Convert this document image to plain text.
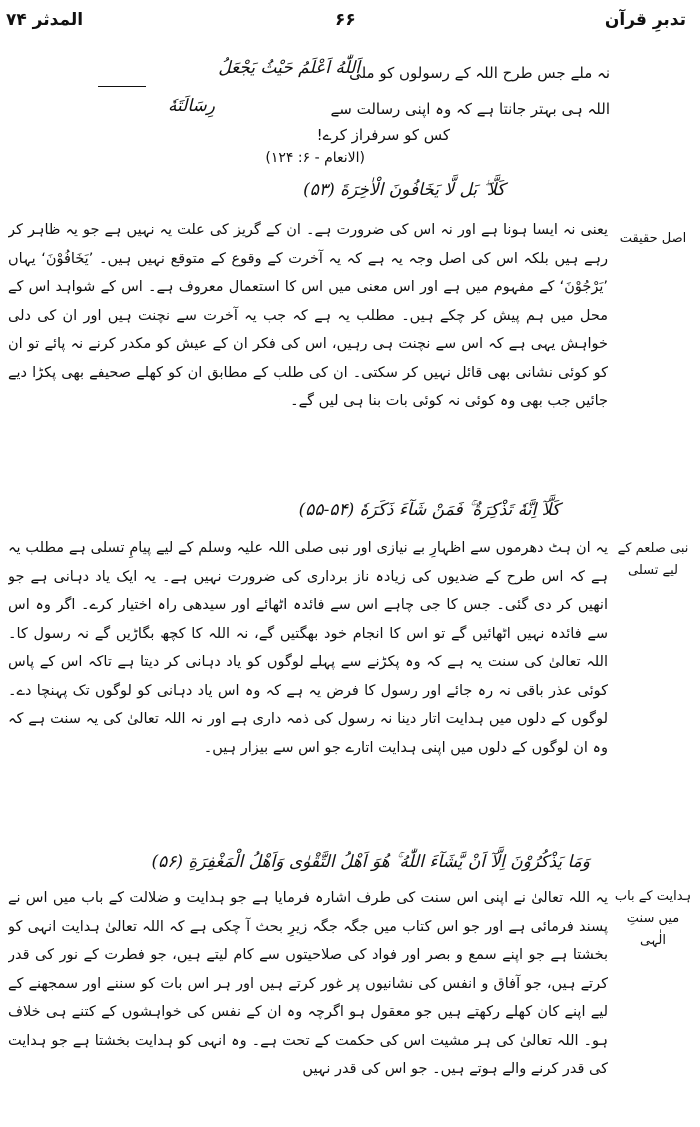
تدبرِ قرآن
۶۶
المدثر ۷۴
اَللّٰهُ اَعْلَمُ حَيْثُ يَجْعَلُ
نہ ملے جس طرح اللہ کے رسولوں کو ملی
رِسَالَتَهٗ	اللہ ہی بہتر جانتا ہے کہ وہ اپنی رسالت سے
کس کو سرفراز کرے!
(الانعام - ۶: ۱۲۴)
كَلَّا ۖ بَل لَّا يَخَافُونَ الْاٰخِرَةَ (۵۳)
اصل حقیقت
یعنی نہ ایسا ہونا ہے اور نہ اس کی ضرورت ہے۔ ان کے گریز کی علت یہ نہیں ہے جو یہ ظاہر کر رہے ہیں بلکہ اس کی اصل وجہ یہ ہے کہ یہ آخرت کے وقوع کے متوقع نہیں ہیں۔ ’یَخَافُوْنَ‘ یہاں ’یَرْجُوْنَ‘ کے مفہوم میں ہے اور اس معنی میں اس کا استعمال معروف ہے۔ اس کے شواہد اس کے محل میں ہم پیش کر چکے ہیں۔ مطلب یہ ہے کہ جب یہ آخرت سے نچنت ہیں اور ان کی دلی خواہش یہی ہے کہ اس سے نچنت ہی رہیں، اس کی فکر ان کے عیش کو مکدر کرنے نہ پائے تو ان کو کوئی نشانی بھی قائل نہیں کر سکتی۔ ان کی طلب کے مطابق ان کو کھلے صحیفے بھی پکڑا دیے جائیں جب بھی وہ کوئی نہ کوئی بات بنا ہی لیں گے۔
كَلَّآ اِنَّهٗ تَذْكِرَةٌ ۚ فَمَنْ شَآءَ ذَكَرَهٗ (۵۴-۵۵)
نبی صلعم کے لیے تسلی
یہ ان ہٹ دھرموں سے اظہارِ بے نیازی اور نبی صلی اللہ علیہ وسلم کے لیے پیامِ تسلی ہے مطلب یہ ہے کہ اس طرح کے ضدیوں کی زیادہ ناز برداری کی ضرورت نہیں ہے۔ یہ ایک یاد دہانی ہے جو انھیں کر دی گئی۔ جس کا جی چاہے اس سے فائدہ اٹھائے اور سیدھی راہ اختیار کرے۔ اگر وہ اس سے فائدہ نہیں اٹھائیں گے تو اس کا انجام خود بھگتیں گے، نہ اللہ کا کچھ بگاڑیں گے نہ رسول کا۔ اللہ تعالیٰ کی سنت یہ ہے کہ وہ پکڑنے سے پہلے لوگوں کو یاد دہانی کر دیتا ہے تاکہ اس کے پاس کوئی عذر باقی نہ رہ جائے اور رسول کا فرض یہ ہے کہ وہ اس یاد دہانی کو لوگوں تک پہنچا دے۔ لوگوں کے دلوں میں ہدایت اتار دینا نہ رسول کی ذمہ داری ہے اور نہ اللہ تعالیٰ کی یہ سنت ہے کہ وہ ان لوگوں کے دلوں میں اپنی ہدایت اتارے جو اس سے بیزار ہیں۔
وَمَا يَذْكُرُوْنَ اِلَّآ اَنْ يَّشَآءَ اللّٰهُ ۚ هُوَ اَهْلُ التَّقْوٰى وَاَهْلُ الْمَغْفِرَةِ (۵۶)
ہدایت کے باب میں سنتِ الٰہی
یہ اللہ تعالیٰ نے اپنی اس سنت کی طرف اشارہ فرمایا ہے جو ہدایت و ضلالت کے باب میں اس نے پسند فرمائی ہے اور جو اس کتاب میں جگہ جگہ زیرِ بحث آ چکی ہے کہ اللہ تعالیٰ ہدایت انہی کو بخشتا ہے جو اپنے سمع و بصر اور فواد کی صلاحیتوں سے کام لیتے ہیں، جو فطرت کے نور کی قدر کرتے ہیں، جو آفاق و انفس کی نشانیوں پر غور کرتے ہیں اور ہر اس بات کو سننے اور سمجھنے کے لیے اپنے کان کھلے رکھتے ہیں جو معقول ہو اگرچہ وہ ان کے نفس کی خواہشوں کے کتنے ہی خلاف ہو۔ اللہ تعالیٰ کی ہر مشیت اس کی حکمت کے تحت ہے۔ وہ انہی کو ہدایت بخشتا ہے جو ہدایت کی قدر کرنے والے ہوتے ہیں۔ جو اس کی قدر نہیں
